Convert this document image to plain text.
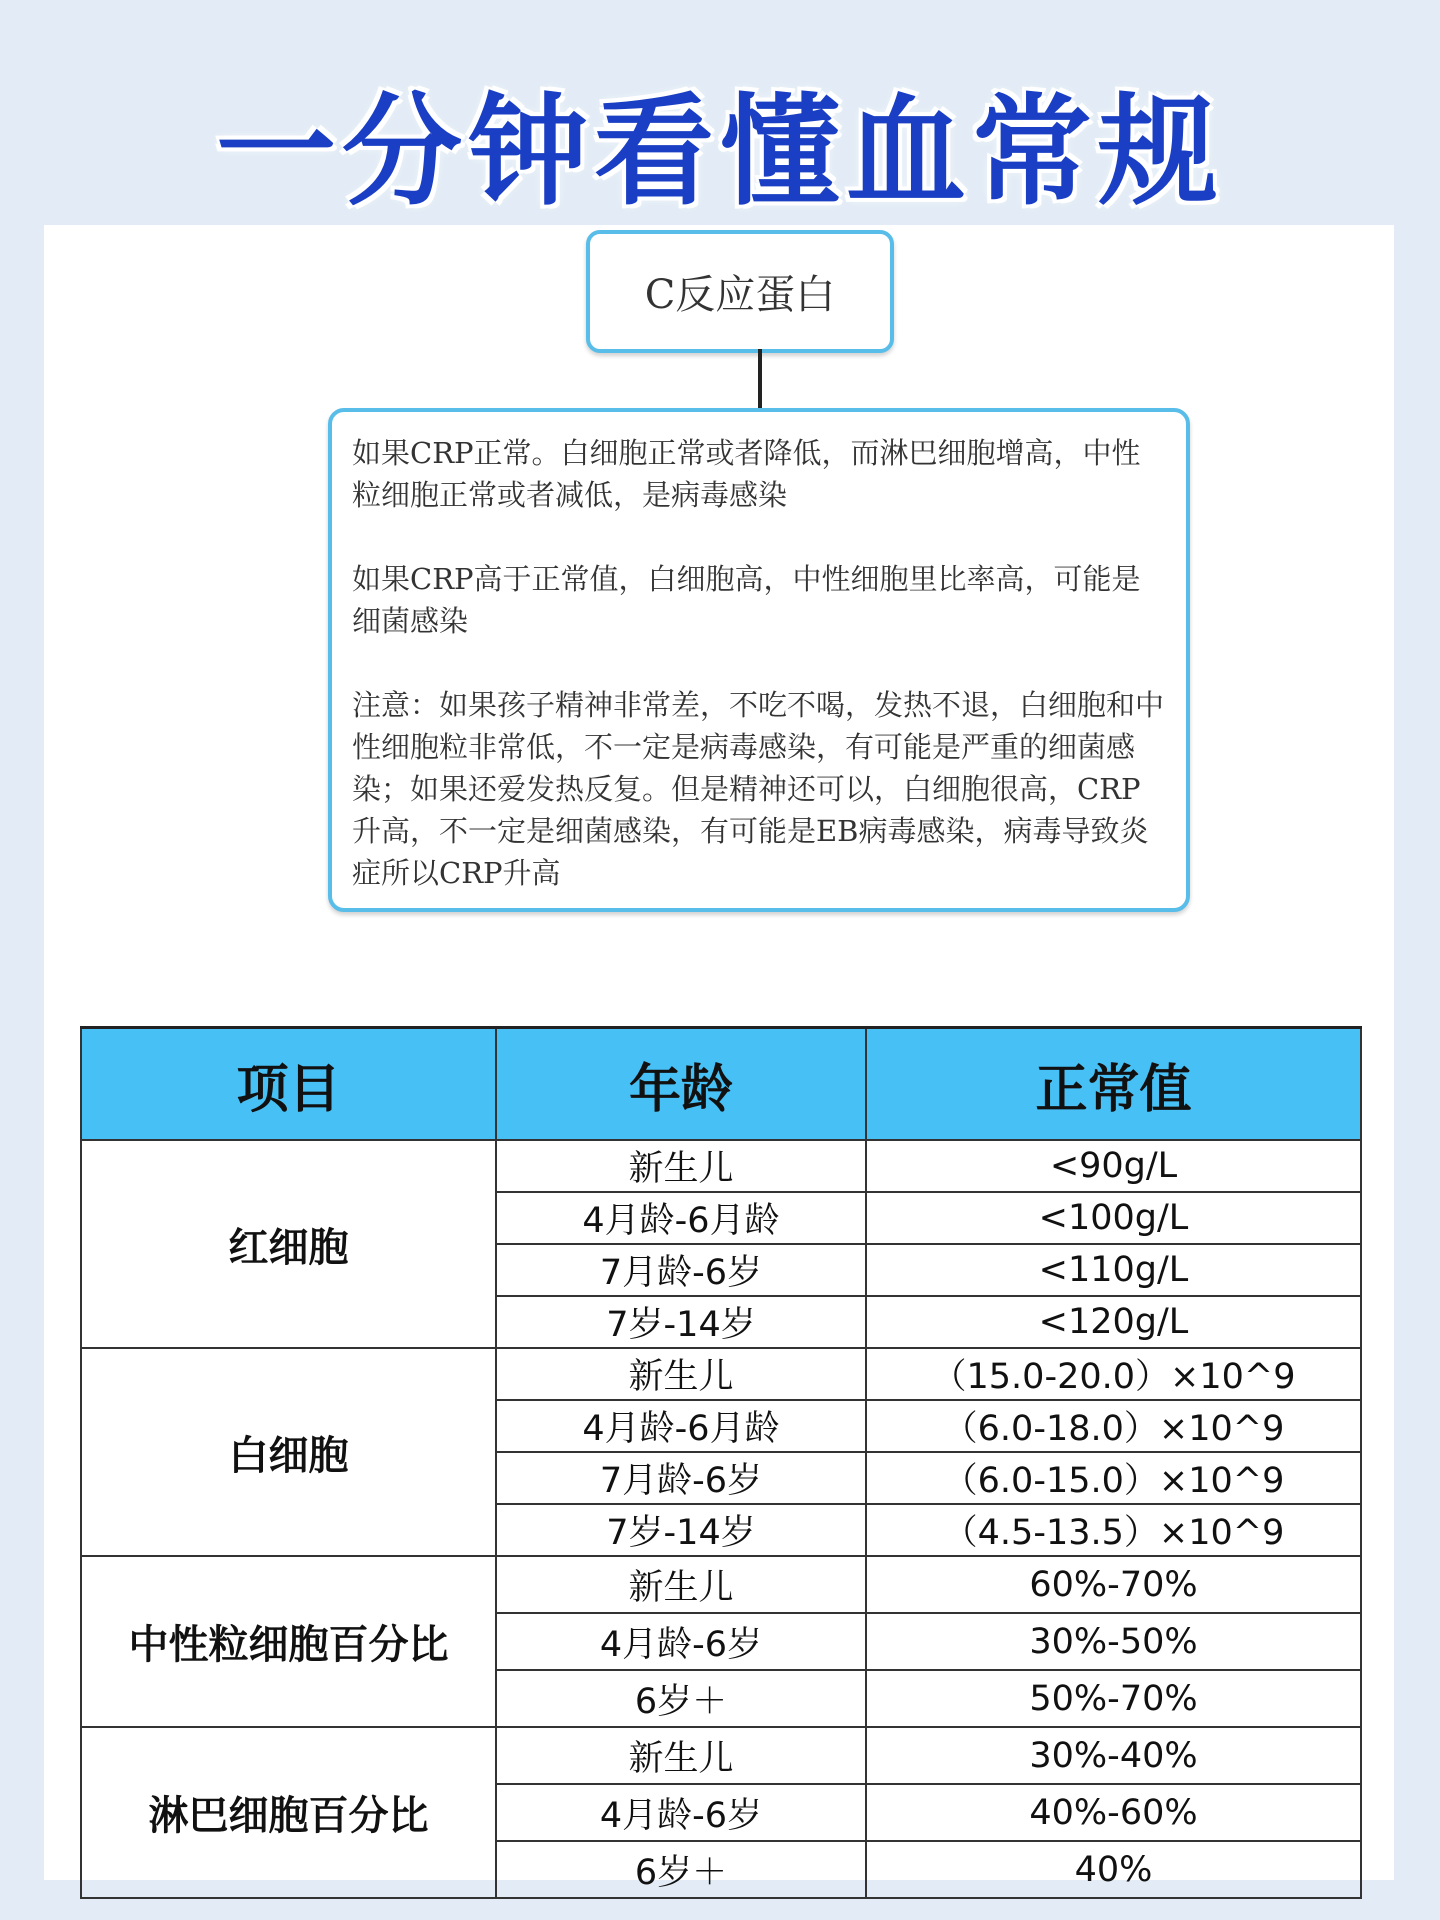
一分钟看懂血常规
C反应蛋白

如果CRP正常。白细胞正常或者降低，而淋巴细胞增高，中性粒细胞正常或者减低，是病毒感染

如果CRP高于正常值，白细胞高，中性细胞里比率高，可能是细菌感染

注意：如果孩子精神非常差，不吃不喝，发热不退，白细胞和中性细胞粒非常低，不一定是病毒感染，有可能是严重的细菌感染；如果还爱发热反复。但是精神还可以，白细胞很高，CRP升高，不一定是细菌感染，有可能是EB病毒感染，病毒导致炎症所以CRP升高

项目	年龄	正常值
红细胞	新生儿	<90g/L
	4月龄-6月龄	<100g/L
	7月龄-6岁	<110g/L
	7岁-14岁	<120g/L
白细胞	新生儿	（15.0-20.0）×10^9
	4月龄-6月龄	（6.0-18.0）×10^9
	7月龄-6岁	（6.0-15.0）×10^9
	7岁-14岁	（4.5-13.5）×10^9
中性粒细胞百分比	新生儿	60%-70%
	4月龄-6岁	30%-50%
	6岁＋	50%-70%
淋巴细胞百分比	新生儿	30%-40%
	4月龄-6岁	40%-60%
	6岁＋	40%
